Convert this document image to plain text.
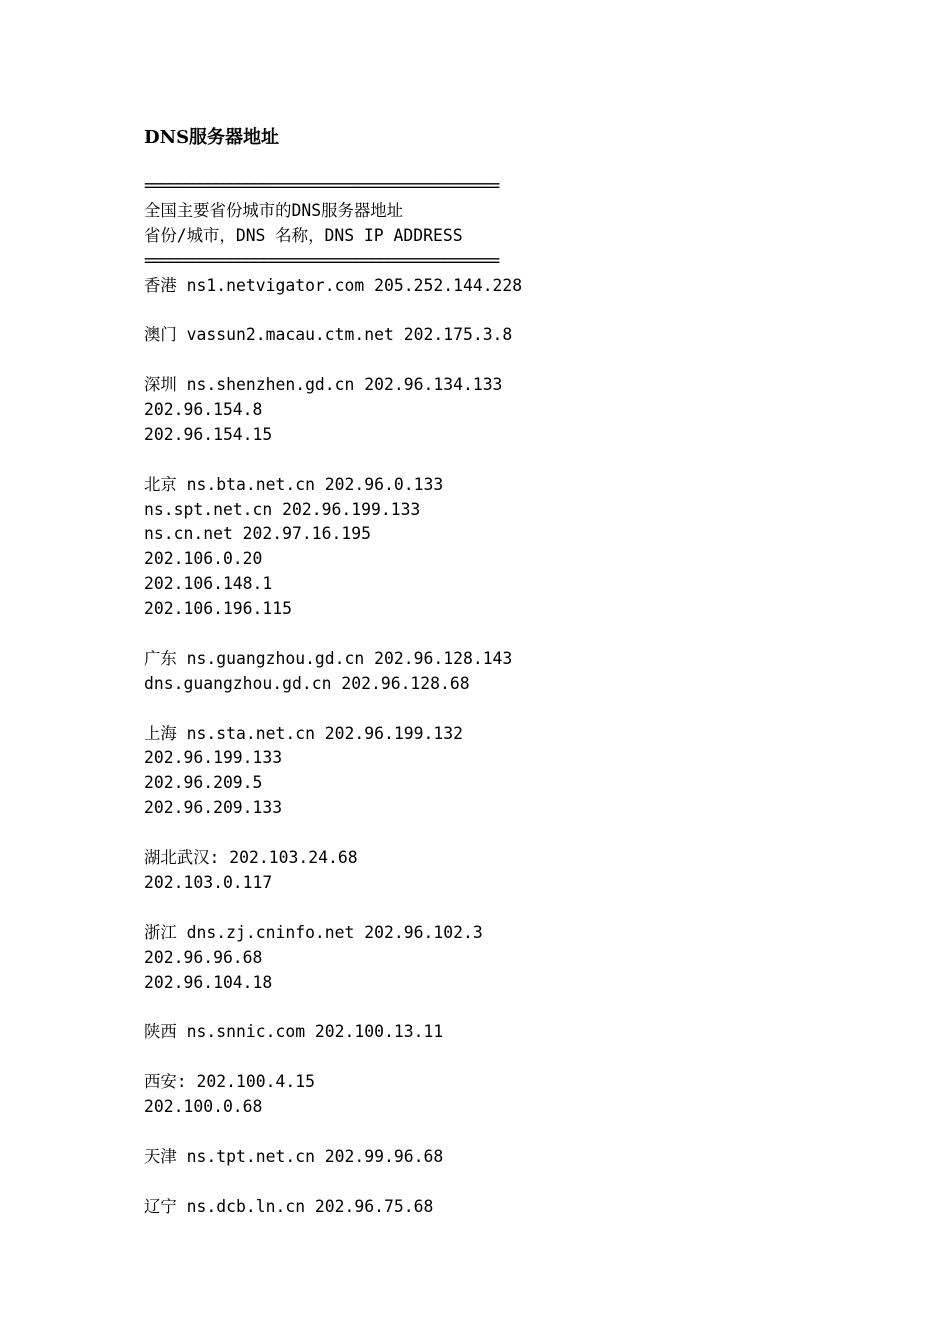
DNS服务器地址
=============================================
全国主要省份城市的DNS服务器地址
省份/城市，DNS 名称，DNS IP ADDRESS
=============================================
香港 ns1.netvigator.com 205.252.144.228
澳门 vassun2.macau.ctm.net 202.175.3.8
深圳 ns.shenzhen.gd.cn 202.96.134.133
202.96.154.8
202.96.154.15
北京 ns.bta.net.cn 202.96.0.133
ns.spt.net.cn 202.96.199.133
ns.cn.net 202.97.16.195
202.106.0.20
202.106.148.1
202.106.196.115
广东 ns.guangzhou.gd.cn 202.96.128.143
dns.guangzhou.gd.cn 202.96.128.68
上海 ns.sta.net.cn 202.96.199.132
202.96.199.133
202.96.209.5
202.96.209.133
湖北武汉: 202.103.24.68
202.103.0.117
浙江 dns.zj.cninfo.net 202.96.102.3
202.96.96.68
202.96.104.18
陕西 ns.snnic.com 202.100.13.11
西安: 202.100.4.15
202.100.0.68
天津 ns.tpt.net.cn 202.99.96.68
辽宁 ns.dcb.ln.cn 202.96.75.68
